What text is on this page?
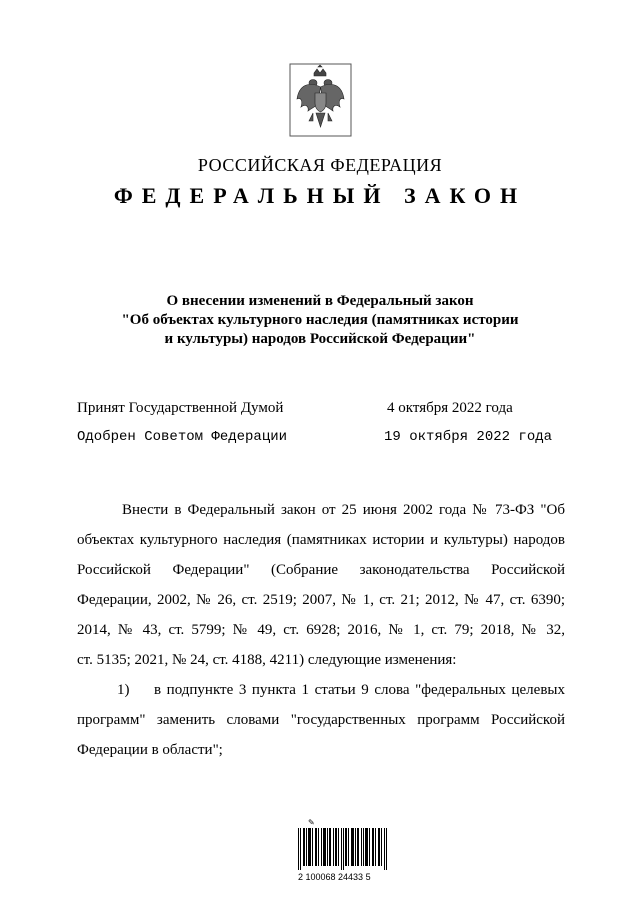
РОССИЙСКАЯ ФЕДЕРАЦИЯ
ФЕДЕРАЛЬНЫЙ ЗАКОН
О внесении изменений в Федеральный закон
"Об объектах культурного наследия (памятниках истории
и культуры) народов Российской Федерации"
Принят Государственной Думой	4 октября 2022 года
Одобрен Советом Федерации	19 октября 2022 года
Внести в Федеральный закон от 25 июня 2002 года № 73-ФЗ "Об
объектах культурного наследия (памятниках истории и культуры) народов
Российской Федерации" (Собрание законодательства Российской
Федерации, 2002, № 26, ст. 2519; 2007, № 1, ст. 21; 2012, № 47, ст. 6390;
2014, № 43, ст. 5799; № 49, ст. 6928; 2016, № 1, ст. 79; 2018, № 32,
ст. 5135; 2021, № 24, ст. 4188, 4211) следующие изменения:
1) в подпункте 3 пункта 1 статьи 9 слова "федеральных целевых
программ" заменить словами "государственных программ Российской
Федерации в области";
✎
2 100068 24433 5
